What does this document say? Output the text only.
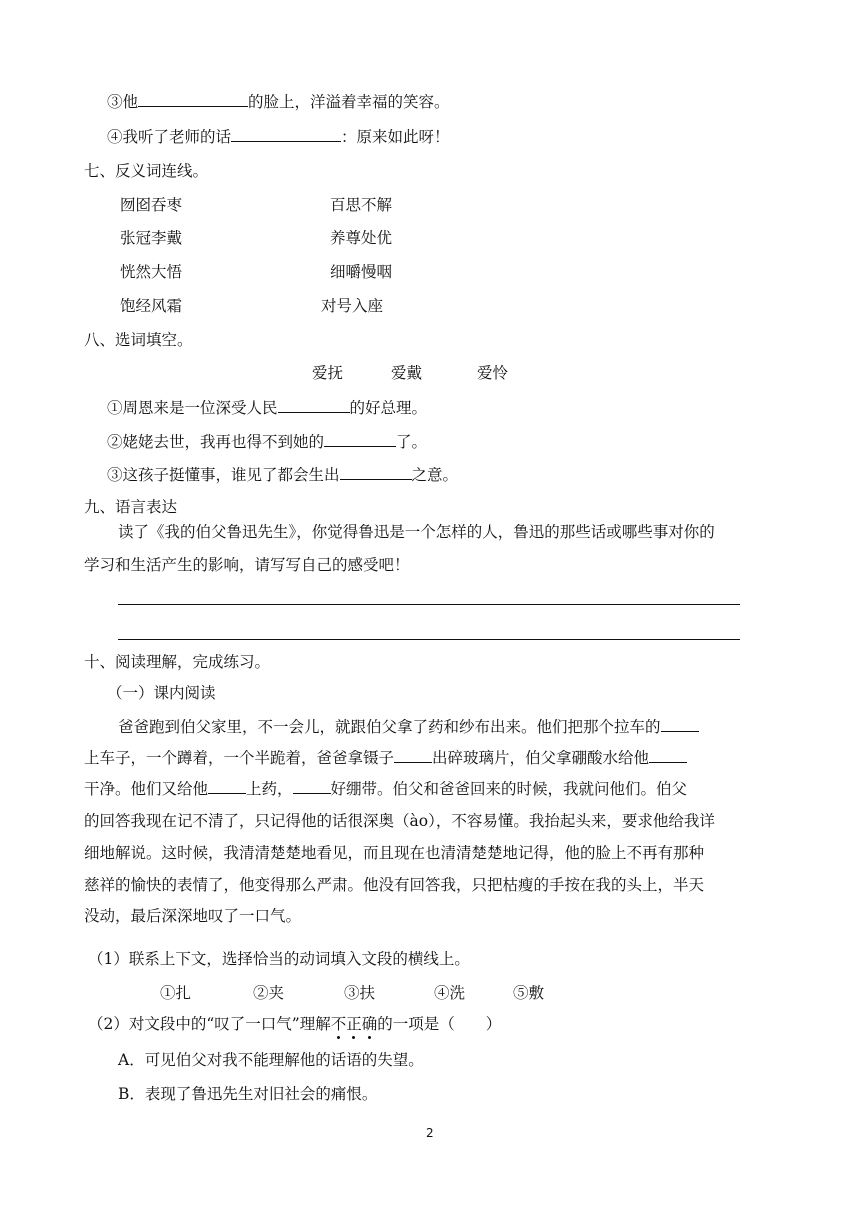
③他	的脸上，洋溢着幸福的笑容。
④我听了老师的话	：原来如此呀！
七、反义词连线。
囫囵吞枣	百思不解
张冠李戴	养尊处优
恍然大悟	细嚼慢咽
饱经风霜	对号入座
八、选词填空。
爱抚	爱戴	爱怜
①周恩来是一位深受人民	的好总理。
②姥姥去世，我再也得不到她的	了。
③这孩子挺懂事，谁见了都会生出	之意。
九、语言表达
读了《我的伯父鲁迅先生》，你觉得鲁迅是一个怎样的人，鲁迅的那些话或哪些事对你的
学习和生活产生的影响，请写写自己的感受吧！
十、阅读理解，完成练习。
（一）课内阅读
爸爸跑到伯父家里，不一会儿，就跟伯父拿了药和纱布出来。他们把那个拉车的
上车子，一个蹲着，一个半跪着，爸爸拿镊子 出碎玻璃片，伯父拿硼酸水给他
干净。他们又给他 上药， 好绷带。伯父和爸爸回来的时候，我就问他们。伯父
的回答我现在记不清了，只记得他的话很深奥（ào），不容易懂。我抬起头来，要求他给我详
细地解说。这时候，我清清楚楚地看见，而且现在也清清楚楚地记得，他的脸上不再有那种
慈祥的愉快的表情了，他变得那么严肃。他没有回答我，只把枯瘦的手按在我的头上，半天
没动，最后深深地叹了一口气。
（1）联系上下文，选择恰当的动词填入文段的横线上。
①扎	②夹	③扶	④洗	⑤敷
（2）对文段中的“叹了一口气”理解不正确的一项是（　　）
A．可见伯父对我不能理解他的话语的失望。
B．表现了鲁迅先生对旧社会的痛恨。
2
